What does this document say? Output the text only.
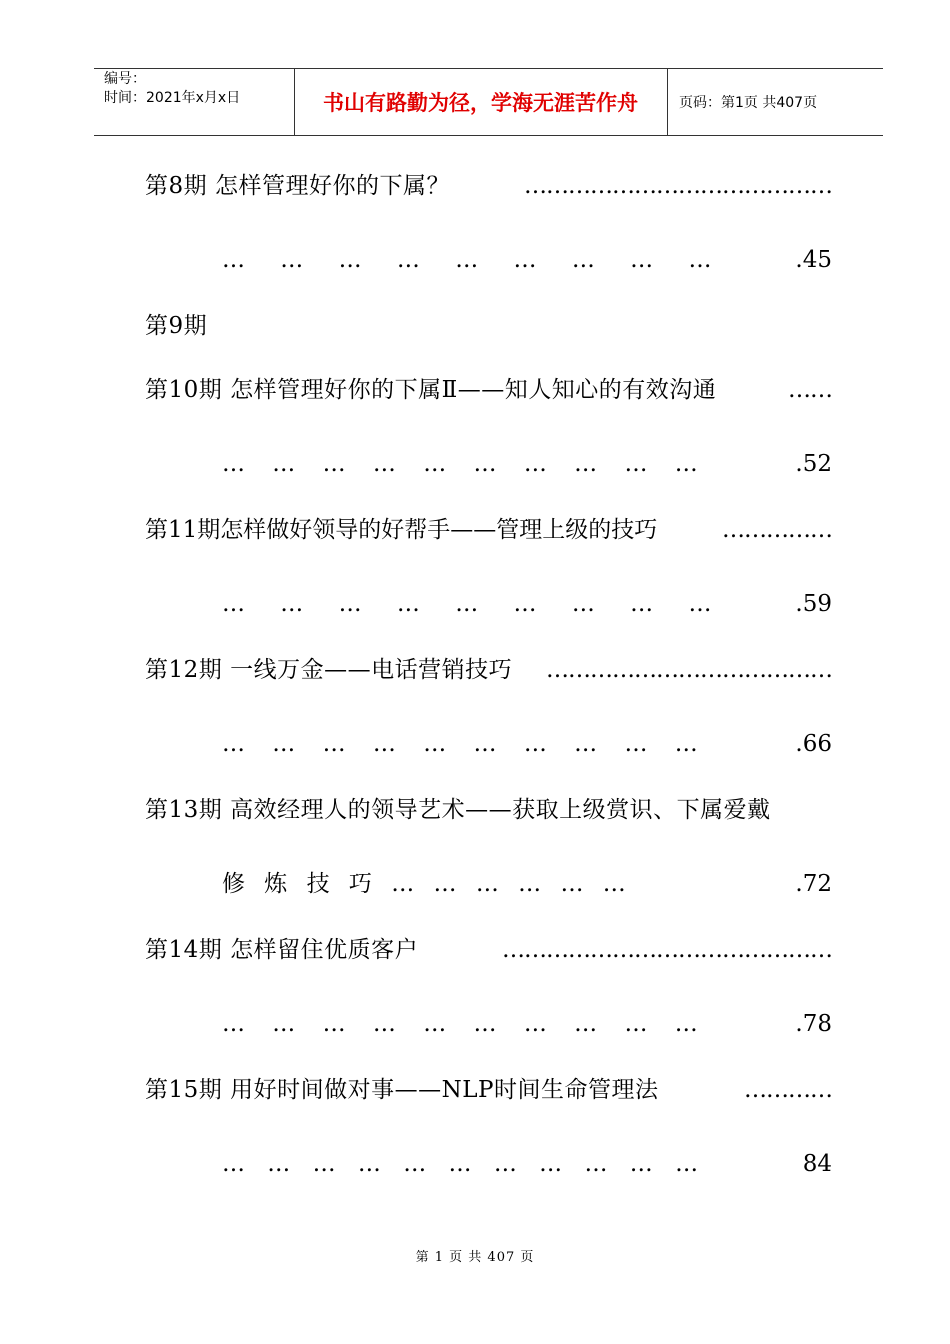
编号：
时间：2021年x月x日	书山有路勤为径，学海无涯苦作舟	页码：第1页 共407页
第8期 怎样管理好你的下属？	……………………………………
… … … … … … … … …	.45
第9期
第10期 怎样管理好你的下属Ⅱ——知人知心的有效沟通	……
… … … … … … … … … …	.52
第11期怎样做好领导的好帮手——管理上级的技巧	……………
… … … … … … … … …	.59
第12期 一线万金——电话营销技巧 …………………………………
… … … … … … … … … …	.66
第13期 高效经理人的领导艺术——获取上级赏识、下属爱戴
修 炼 技 巧 … … … … … …	.72
第14期 怎样留住优质客户	………………………………………
… … … … … … … … … …	.78
第15期 用好时间做对事——NLP时间生命管理法	…………
… … … … … … … … … … …	84
第 1 页 共 407 页
